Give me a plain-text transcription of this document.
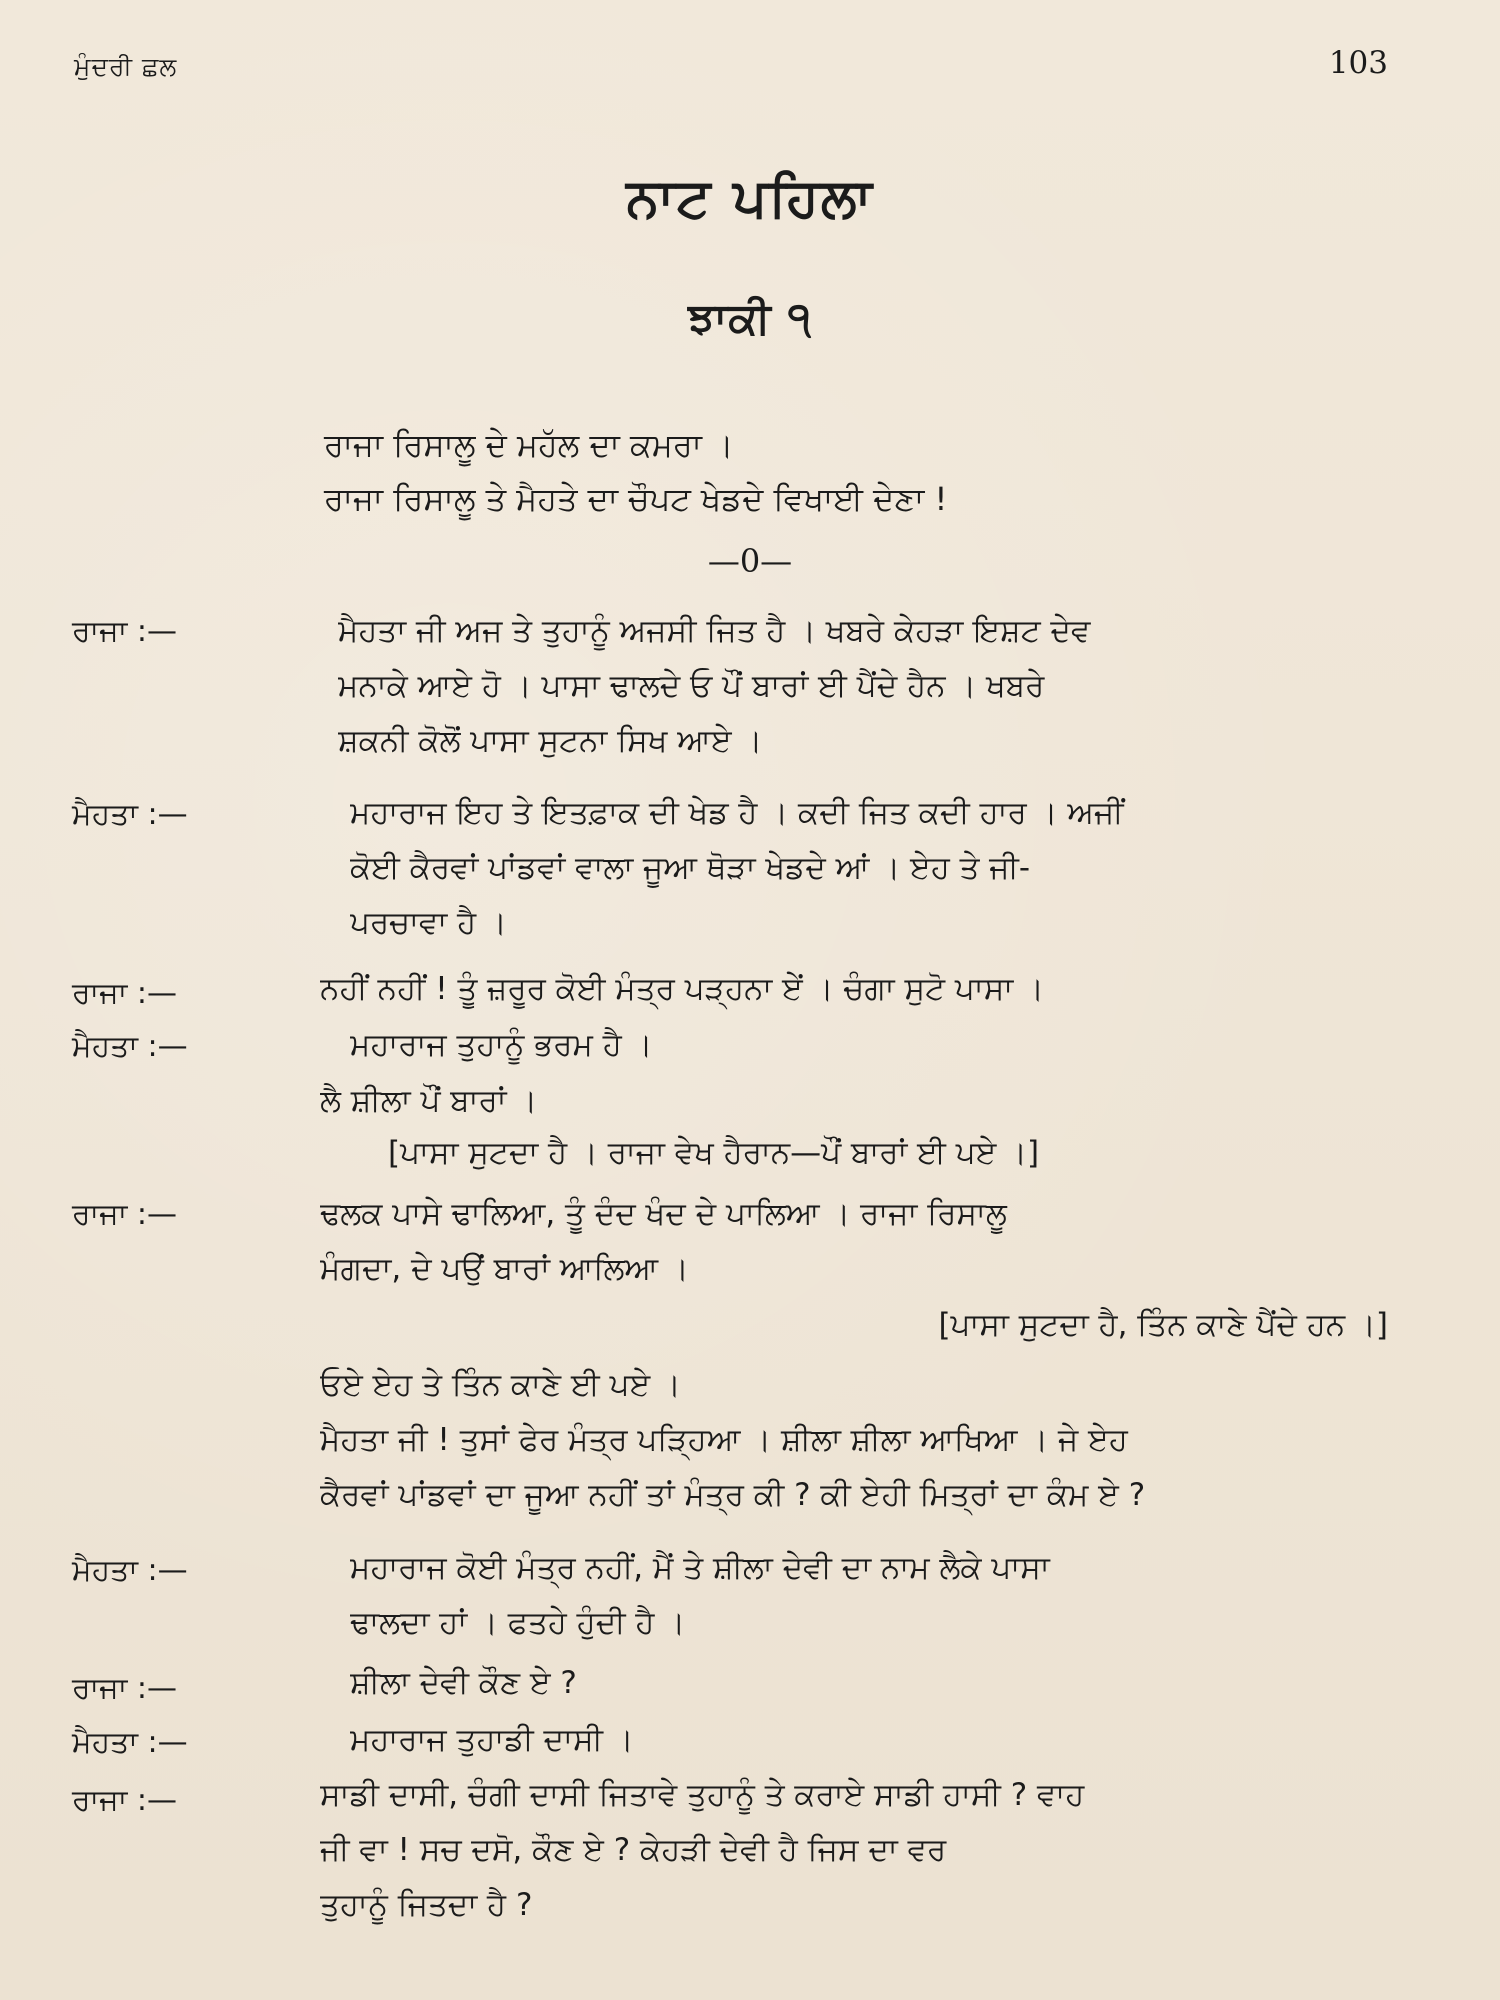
ਮੁੰਦਰੀ ਛਲ	103
ਨਾਟ ਪਹਿਲਾ
ਝਾਕੀ ੧
ਰਾਜਾ ਰਿਸਾਲੂ ਦੇ ਮਹੱਲ ਦਾ ਕਮਰਾ ।
ਰਾਜਾ ਰਿਸਾਲੂ ਤੇ ਮੈਹਤੇ ਦਾ ਚੌਪਟ ਖੇਡਦੇ ਵਿਖਾਈ ਦੇਣਾ !
—0—
ਰਾਜਾ :—	ਮੈਹਤਾ ਜੀ ਅਜ ਤੇ ਤੁਹਾਨੂੰ ਅਜਸੀ ਜਿਤ ਹੈ । ਖਬਰੇ ਕੇਹੜਾ ਇਸ਼ਟ ਦੇਵ
ਮਨਾਕੇ ਆਏ ਹੋ । ਪਾਸਾ ਢਾਲਦੇ ਓ ਪੌਂ ਬਾਰਾਂ ਈ ਪੈਂਦੇ ਹੈਨ । ਖਬਰੇ
ਸ਼ਕਨੀ ਕੋਲੋਂ ਪਾਸਾ ਸੁਟਨਾ ਸਿਖ ਆਏ ।
ਮੈਹਤਾ :—	ਮਹਾਰਾਜ ਇਹ ਤੇ ਇਤਫ਼ਾਕ ਦੀ ਖੇਡ ਹੈ । ਕਦੀ ਜਿਤ ਕਦੀ ਹਾਰ । ਅਜੀਂ
ਕੋਈ ਕੈਰਵਾਂ ਪਾਂਡਵਾਂ ਵਾਲਾ ਜੂਆ ਥੋੜਾ ਖੇਡਦੇ ਆਂ । ਏਹ ਤੇ ਜੀ-
ਪਰਚਾਵਾ ਹੈ ।
ਰਾਜਾ :—	ਨਹੀਂ ਨਹੀਂ ! ਤੂੰ ਜ਼ਰੂਰ ਕੋਈ ਮੰਤ੍ਰ ਪੜ੍ਹਨਾ ਏਂ । ਚੰਗਾ ਸੁਟੋ ਪਾਸਾ ।
ਮੈਹਤਾ :—	ਮਹਾਰਾਜ ਤੁਹਾਨੂੰ ਭਰਮ ਹੈ ।
ਲੈ ਸ਼ੀਲਾ ਪੌਂ ਬਾਰਾਂ ।
[ਪਾਸਾ ਸੁਟਦਾ ਹੈ । ਰਾਜਾ ਵੇਖ ਹੈਰਾਨ—ਪੌਂ ਬਾਰਾਂ ਈ ਪਏ ।]
ਰਾਜਾ :—	ਢਲਕ ਪਾਸੇ ਢਾਲਿਆ, ਤੂੰ ਦੰਦ ਖੰਦ ਦੇ ਪਾਲਿਆ । ਰਾਜਾ ਰਿਸਾਲੂ
ਮੰਗਦਾ, ਦੇ ਪਉਂ ਬਾਰਾਂ ਆਲਿਆ ।
[ਪਾਸਾ ਸੁਟਦਾ ਹੈ, ਤਿੰਨ ਕਾਣੇ ਪੈਂਦੇ ਹਨ ।]
ਓਏ ਏਹ ਤੇ ਤਿੰਨ ਕਾਣੇ ਈ ਪਏ ।
ਮੈਹਤਾ ਜੀ ! ਤੁਸਾਂ ਫੇਰ ਮੰਤ੍ਰ ਪੜ੍ਹਿਆ । ਸ਼ੀਲਾ ਸ਼ੀਲਾ ਆਖਿਆ । ਜੇ ਏਹ
ਕੈਰਵਾਂ ਪਾਂਡਵਾਂ ਦਾ ਜੂਆ ਨਹੀਂ ਤਾਂ ਮੰਤ੍ਰ ਕੀ ? ਕੀ ਏਹੀ ਮਿਤ੍ਰਾਂ ਦਾ ਕੰਮ ਏ ?
ਮੈਹਤਾ :—	ਮਹਾਰਾਜ ਕੋਈ ਮੰਤ੍ਰ ਨਹੀਂ, ਮੈਂ ਤੇ ਸ਼ੀਲਾ ਦੇਵੀ ਦਾ ਨਾਮ ਲੈਕੇ ਪਾਸਾ
ਢਾਲਦਾ ਹਾਂ । ਫਤਹੇ ਹੁੰਦੀ ਹੈ ।
ਰਾਜਾ :—	ਸ਼ੀਲਾ ਦੇਵੀ ਕੌਣ ਏ ?
ਮੈਹਤਾ :—	ਮਹਾਰਾਜ ਤੁਹਾਡੀ ਦਾਸੀ ।
ਰਾਜਾ :—	ਸਾਡੀ ਦਾਸੀ, ਚੰਗੀ ਦਾਸੀ ਜਿਤਾਵੇ ਤੁਹਾਨੂੰ ਤੇ ਕਰਾਏ ਸਾਡੀ ਹਾਸੀ ? ਵਾਹ
ਜੀ ਵਾ ! ਸਚ ਦਸੋ, ਕੌਣ ਏ ? ਕੇਹੜੀ ਦੇਵੀ ਹੈ ਜਿਸ ਦਾ ਵਰ
ਤੁਹਾਨੂੰ ਜਿਤਦਾ ਹੈ ?
